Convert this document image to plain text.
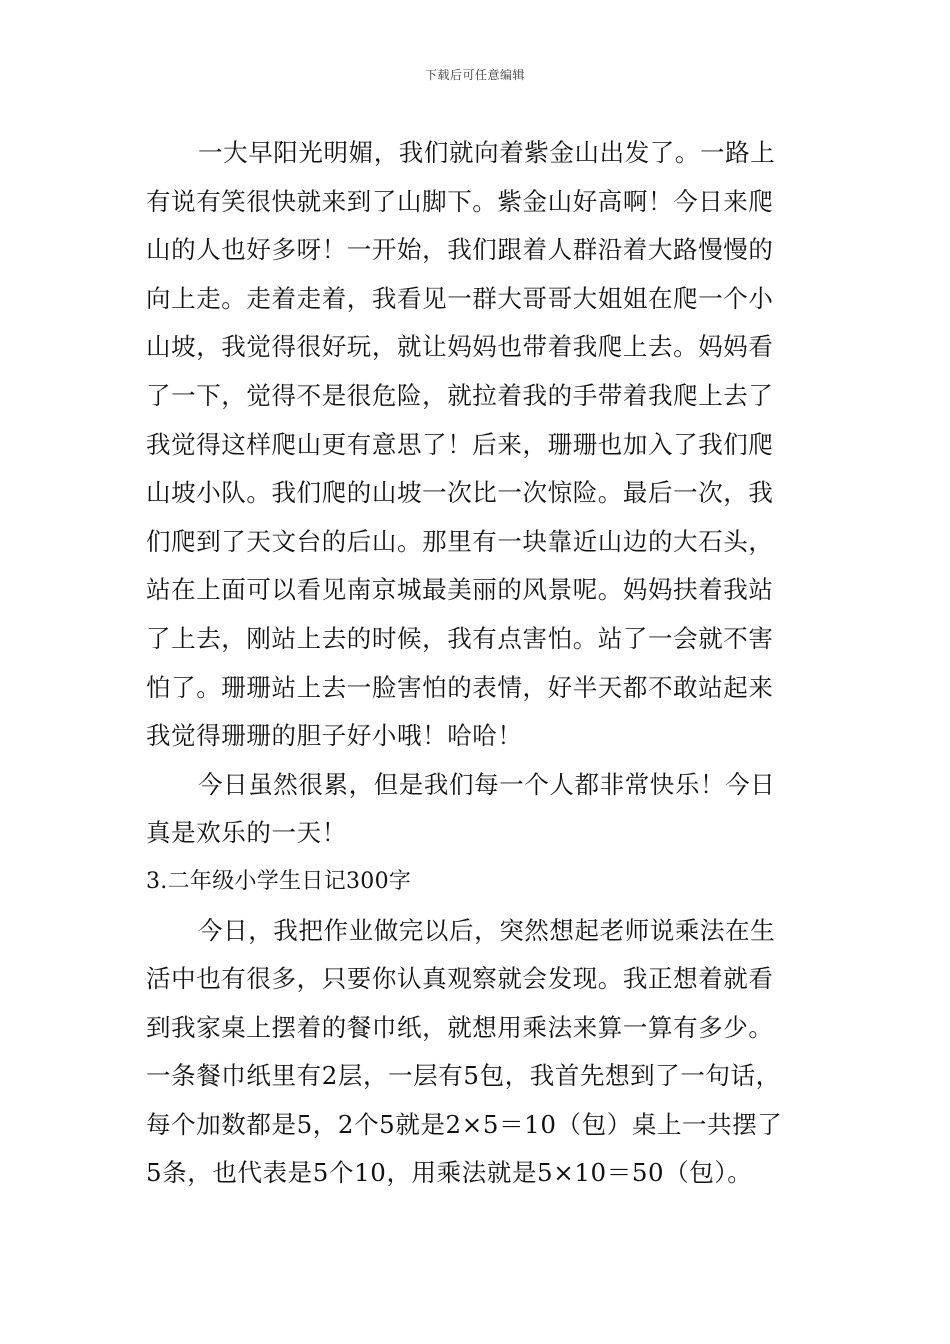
下载后可任意编辑
一大早阳光明媚，我们就向着紫金山出发了。一路上
有说有笑很快就来到了山脚下。紫金山好高啊！今日来爬
山的人也好多呀！一开始，我们跟着人群沿着大路慢慢的
向上走。走着走着，我看见一群大哥哥大姐姐在爬一个小
山坡，我觉得很好玩，就让妈妈也带着我爬上去。妈妈看
了一下，觉得不是很危险，就拉着我的手带着我爬上去了
我觉得这样爬山更有意思了！后来，珊珊也加入了我们爬
山坡小队。我们爬的山坡一次比一次惊险。最后一次，我
们爬到了天文台的后山。那里有一块靠近山边的大石头，
站在上面可以看见南京城最美丽的风景呢。妈妈扶着我站
了上去，刚站上去的时候，我有点害怕。站了一会就不害
怕了。珊珊站上去一脸害怕的表情，好半天都不敢站起来
我觉得珊珊的胆子好小哦！哈哈！
今日虽然很累，但是我们每一个人都非常快乐！今日
真是欢乐的一天！
3.二年级小学生日记300字
今日，我把作业做完以后，突然想起老师说乘法在生
活中也有很多，只要你认真观察就会发现。我正想着就看
到我家桌上摆着的餐巾纸，就想用乘法来算一算有多少。
一条餐巾纸里有2层，一层有5包，我首先想到了一句话，
每个加数都是5，2个5就是2×5＝10（包）桌上一共摆了
5条，也代表是5个10，用乘法就是5×10＝50（包）。
